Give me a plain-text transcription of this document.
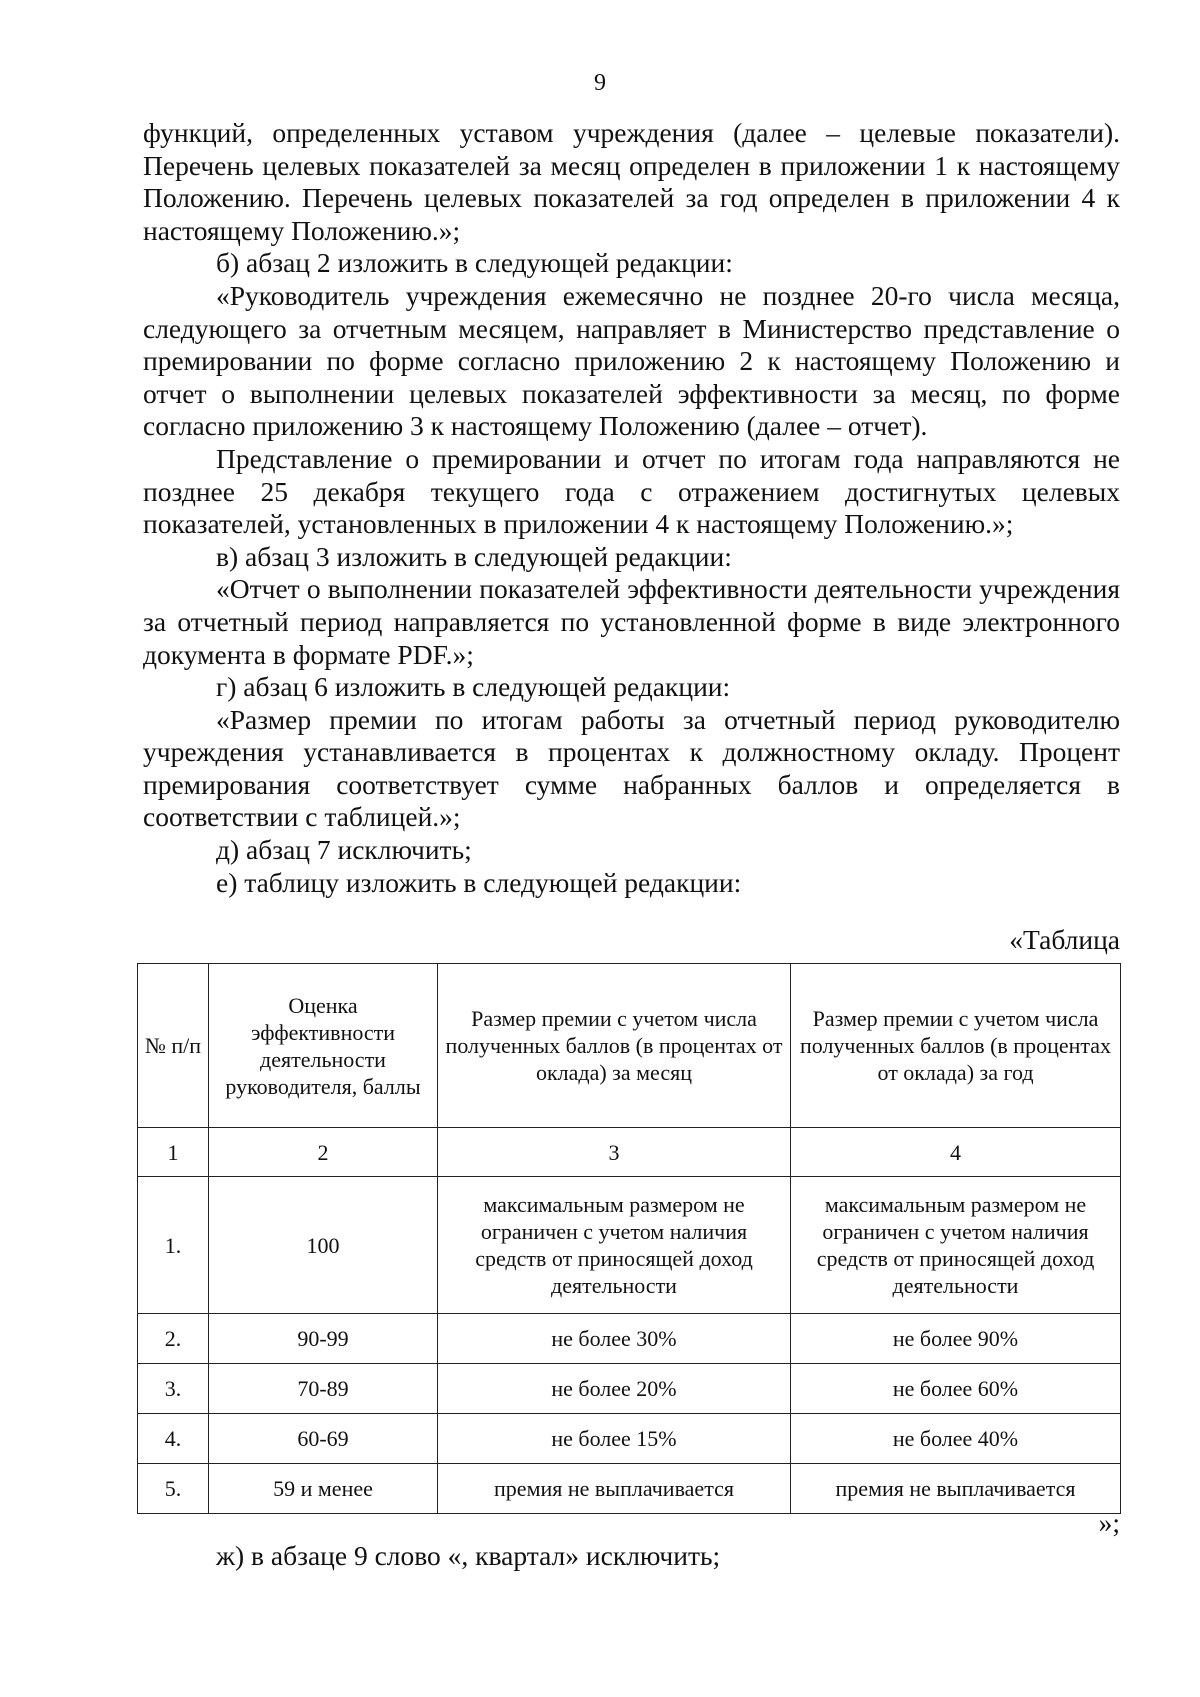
9

функций, определенных уставом учреждения (далее – целевые показатели). Перечень целевых показателей за месяц определен в приложении 1 к настоящему Положению. Перечень целевых показателей за год определен в приложении 4 к настоящему Положению.»;

б) абзац 2 изложить в следующей редакции:

«Руководитель учреждения ежемесячно не позднее 20-го числа месяца, следующего за отчетным месяцем, направляет в Министерство представление о премировании по форме согласно приложению 2 к настоящему Положению и отчет о выполнении целевых показателей эффективности за месяц, по форме согласно приложению 3 к настоящему Положению (далее – отчет).

Представление о премировании и отчет по итогам года направляются не позднее 25 декабря текущего года с отражением достигнутых целевых показателей, установленных в приложении 4 к настоящему Положению.»;

в) абзац 3 изложить в следующей редакции:

«Отчет о выполнении показателей эффективности деятельности учреждения за отчетный период направляется по установленной форме в виде электронного документа в формате PDF.»;

г) абзац 6 изложить в следующей редакции:

«Размер премии по итогам работы за отчетный период руководителю учреждения устанавливается в процентах к должностному окладу. Процент премирования соответствует сумме набранных баллов и определяется в соответствии с таблицей.»;

д) абзац 7 исключить;

е) таблицу изложить в следующей редакции:

«Таблица
№ п/п	Оценка эффективности деятельности руководителя, баллы	Размер премии с учетом числа полученных баллов (в процентах от оклада) за месяц	Размер премии с учетом числа полученных баллов (в процентах от оклада) за год
1	2	3	4
1.	100	максимальным размером не ограничен с учетом наличия средств от приносящей доход деятельности	максимальным размером не ограничен с учетом наличия средств от приносящей доход деятельности
2.	90-99	не более 30%	не более 90%
3.	70-89	не более 20%	не более 60%
4.	60-69	не более 15%	не более 40%
5.	59 и менее	премия не выплачивается	премия не выплачивается
»;
ж) в абзаце 9 слово «, квартал» исключить;
